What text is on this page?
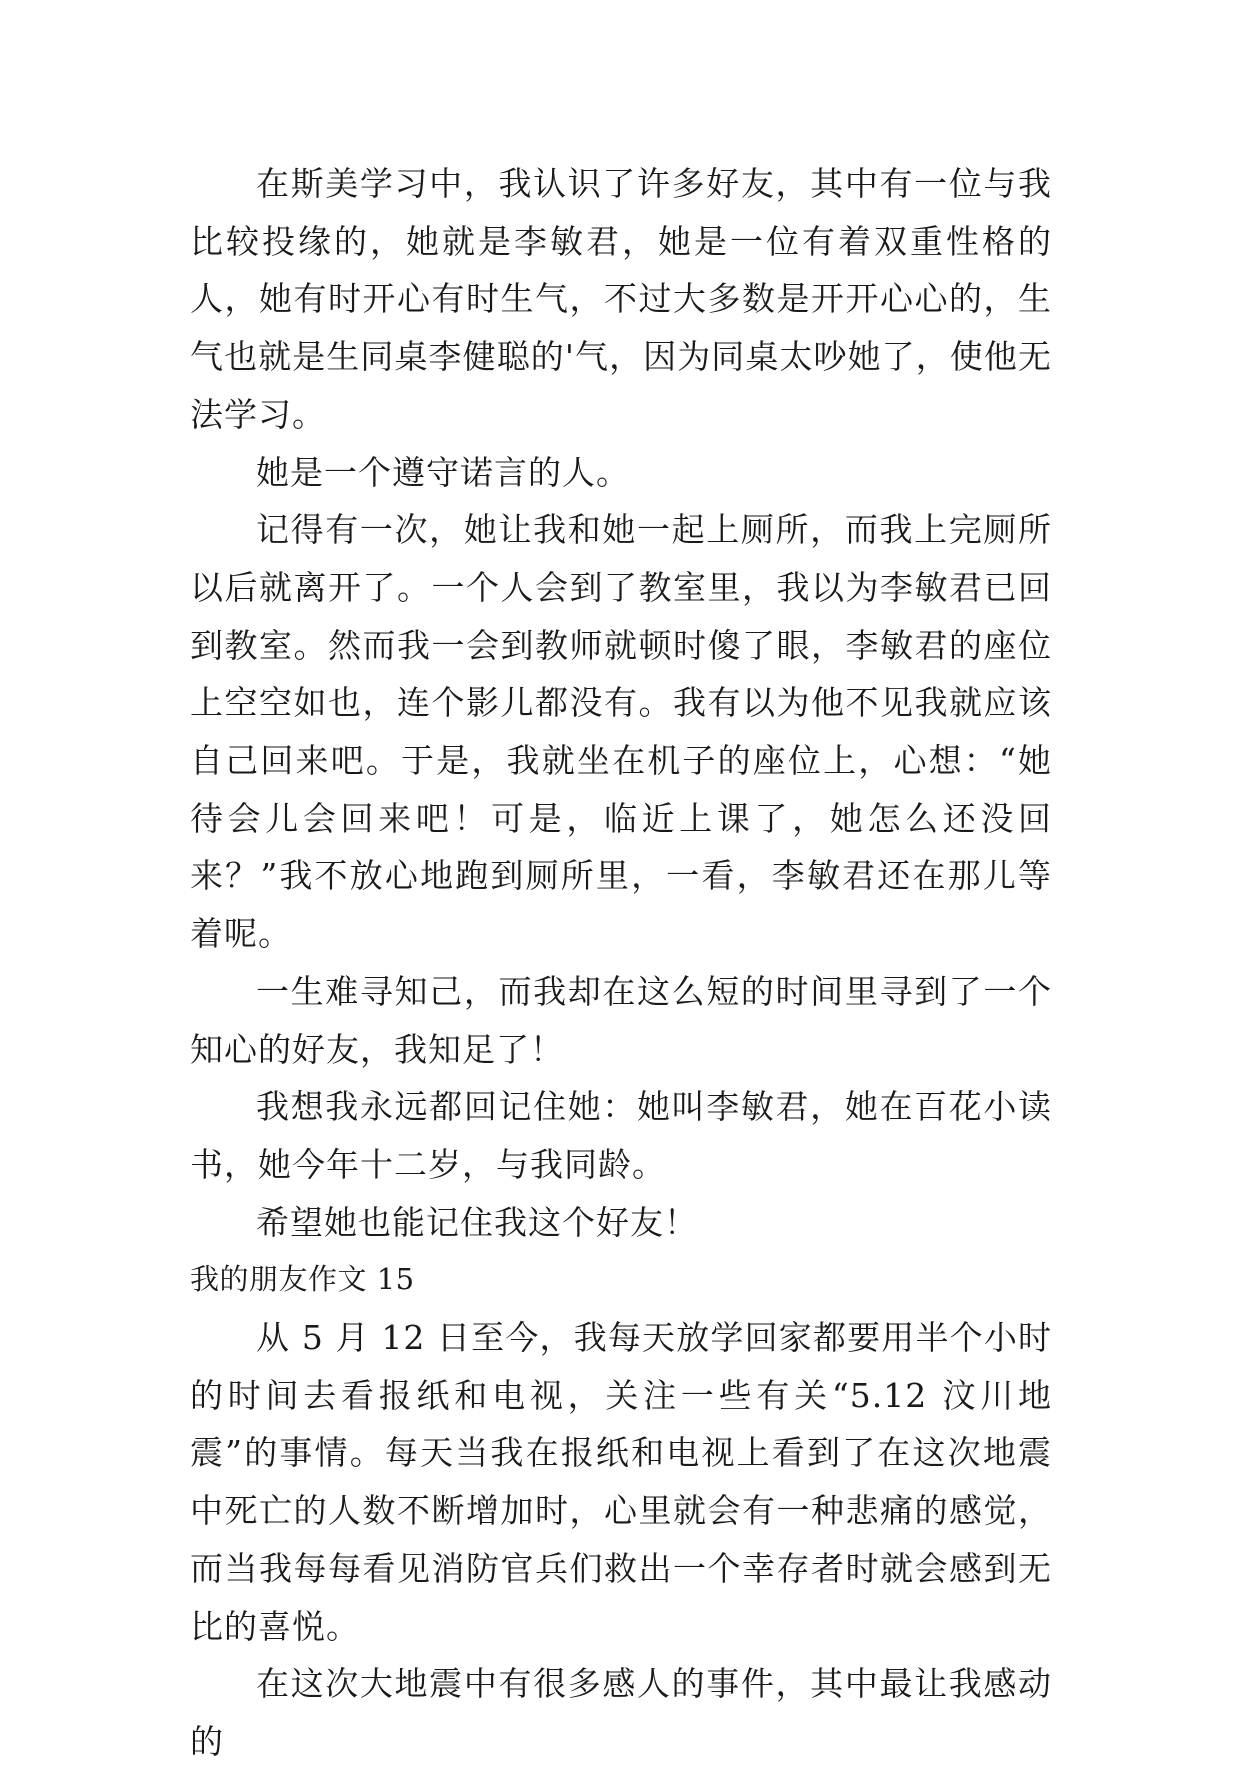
在斯美学习中，我认识了许多好友，其中有一位与我比较投缘的，她就是李敏君，她是一位有着双重性格的人，她有时开心有时生气，不过大多数是开开心心的，生气也就是生同桌李健聪的'气，因为同桌太吵她了，使他无法学习。

她是一个遵守诺言的人。

记得有一次，她让我和她一起上厕所，而我上完厕所以后就离开了。一个人会到了教室里，我以为李敏君已回到教室。然而我一会到教师就顿时傻了眼，李敏君的座位上空空如也，连个影儿都没有。我有以为他不见我就应该自己回来吧。于是，我就坐在机子的座位上，心想：“她待会儿会回来吧！可是，临近上课了，她怎么还没回来？”我不放心地跑到厕所里，一看，李敏君还在那儿等着呢。

一生难寻知己，而我却在这么短的时间里寻到了一个知心的好友，我知足了！

我想我永远都回记住她：她叫李敏君，她在百花小读书，她今年十二岁，与我同龄。

希望她也能记住我这个好友！

我的朋友作文 15

从 5 月 12 日至今，我每天放学回家都要用半个小时的时间去看报纸和电视，关注一些有关“5.12 汶川地震”的事情。每天当我在报纸和电视上看到了在这次地震中死亡的人数不断增加时，心里就会有一种悲痛的感觉，而当我每每看见消防官兵们救出一个幸存者时就会感到无比的喜悦。

在这次大地震中有很多感人的事件，其中最让我感动的
